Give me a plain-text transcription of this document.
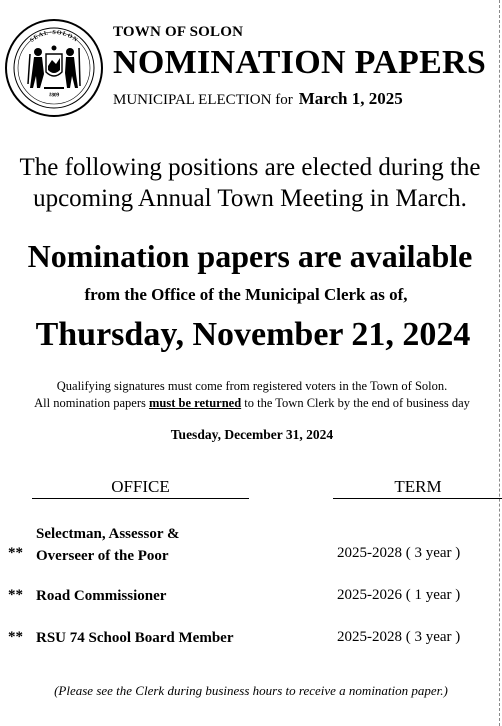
SEAL·SOLON
1809
TOWN OF SOLON
NOMINATION PAPERS
MUNICIPAL ELECTION for March 1, 2025
The following positions are elected during the upcoming Annual Town Meeting in March.
Nomination papers are available
from the Office of the Municipal Clerk as of,
Thursday, November 21, 2024
Qualifying signatures must come from registered voters in the Town of Solon.
All nomination papers must be returned to the Town Clerk by the end of business day
Tuesday, December 31, 2024
OFFICE	TERM
**
Selectman, Assessor &
Overseer of the Poor	2025-2028 ( 3 year )
** Road Commissioner	2025-2026 ( 1 year )
** RSU 74 School Board Member	2025-2028 ( 3 year )
(Please see the Clerk during business hours to receive a nomination paper.)
